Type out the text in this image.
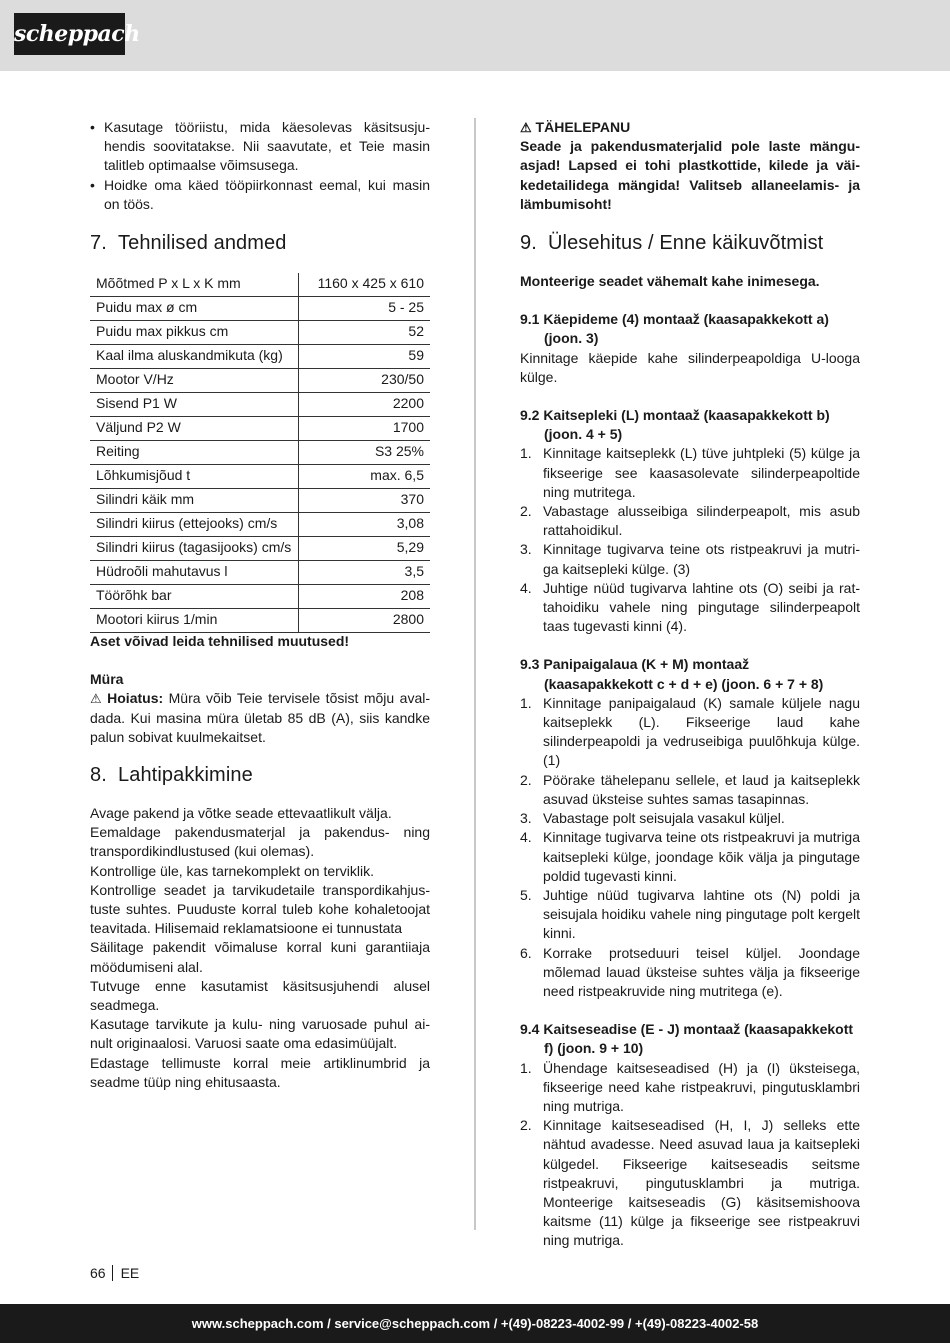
scheppach
• Kasutage tööriistu, mida käesolevas käsitsusju-hendis soovitatakse. Nii saavutate, et Teie masin talitleb optimaalse võimsusega.
• Hoidke oma käed tööpiirkonnast eemal, kui masin on töös.
7. Tehnilised andmed
Mõõtmed P x L x K mm	1160 x 425 x 610
Puidu max ø cm	5 - 25
Puidu max pikkus cm	52
Kaal ilma aluskandmikuta (kg)	59
Mootor V/Hz	230/50
Sisend P1 W	2200
Väljund P2 W	1700
Reiting	S3 25%
Lõhkumisjõud t	max. 6,5
Silindri käik mm	370
Silindri kiirus (ettejooks) cm/s	3,08
Silindri kiirus (tagasijooks) cm/s	5,29
Hüdroõli mahutavus l	3,5
Töörõhk bar	208
Mootori kiirus 1/min	2800

Aset võivad leida tehnilised muutused!

Müra

⚠ Hoiatus: Müra võib Teie tervisele tõsist mõju aval-dada. Kui masina müra ületab 85 dB (A), siis kandke palun sobivat kuulmekaitset.

8. Lahtipakkimine

Avage pakend ja võtke seade ettevaatlikult välja.

Eemaldage pakendusmaterjal ja pakendus- ning transpordikindlustused (kui olemas).

Kontrollige üle, kas tarnekomplekt on terviklik.

Kontrollige seadet ja tarvikudetaile transpordikahjus-tuste suhtes. Puuduste korral tuleb kohe kohaletoojat teavitada. Hilisemaid reklamatsioone ei tunnustata

Säilitage pakendit võimaluse korral kuni garantiiaja möödumiseni alal.

Tutvuge enne kasutamist käsitsusjuhendi alusel seadmega.

Kasutage tarvikute ja kulu- ning varuosade puhul ai-nult originaalosi. Varuosi saate oma edasimüüjalt.

Edastage tellimuste korral meie artiklinumbrid ja seadme tüüp ning ehitusaasta.

⚠ TÄHELEPANU

Seade ja pakendusmaterjalid pole laste mängu-asjad! Lapsed ei tohi plastkottide, kilede ja väi-kedetailidega mängida! Valitseb allaneelamis- ja lämbumisoht!

9. Ülesehitus / Enne käikuvõtmist

Monteerige seadet vähemalt kahe inimesega.

9.1 Käepideme (4) montaaž (kaasapakkekott a)
(joon. 3)

Kinnitage käepide kahe silinderpeapoldiga U-looga külge.

9.2 Kaitsepleki (L) montaaž (kaasapakkekott b)
(joon. 4 + 5)
1. Kinnitage kaitseplekk (L) tüve juhtpleki (5) külge ja fikseerige see kaasasolevate silinderpeapoltide ning mutritega.
2. Vabastage alusseibiga silinderpeapolt, mis asub rattahoidikul.
3. Kinnitage tugivarva teine ots ristpeakruvi ja mutri-ga kaitsepleki külge. (3)
4. Juhtige nüüd tugivarva lahtine ots (O) seibi ja rat-tahoidiku vahele ning pingutage silinderpeapolt taas tugevasti kinni (4).
9.3 Panipaigalaua (K + M) montaaž
(kaasapakkekott c + d + e) (joon. 6 + 7 + 8)
1. Kinnitage panipaigalaud (K) samale küljele nagu kaitseplekk (L). Fikseerige laud kahe silinderpeapoldi ja vedruseibiga puulõhkuja külge. (1)
2. Pöörake tähelepanu sellele, et laud ja kaitseplekk asuvad üksteise suhtes samas tasapinnas.
3. Vabastage polt seisujala vasakul küljel.
4. Kinnitage tugivarva teine ots ristpeakruvi ja mutriga kaitsepleki külge, joondage kõik välja ja pingutage poldid tugevasti kinni.
5. Juhtige nüüd tugivarva lahtine ots (N) poldi ja seisujala hoidiku vahele ning pingutage polt kergelt kinni.
6. Korrake protseduuri teisel küljel. Joondage mõlemad lauad üksteise suhtes välja ja fikseerige need ristpeakruvide ning mutritega (e).
9.4 Kaitseseadise (E - J) montaaž (kaasapakkekott
f) (joon. 9 + 10)
1. Ühendage kaitseseadised (H) ja (I) üksteisega, fikseerige need kahe ristpeakruvi, pingutusklambri ning mutriga.
2. Kinnitage kaitseseadised (H, I, J) selleks ette nähtud avadesse. Need asuvad laua ja kaitsepleki külgedel. Fikseerige kaitseseadis seitsme ristpeakruvi, pingutusklambri ja mutriga. Monteerige kaitseseadis (G) käsitsemishoova kaitsme (11) külge ja fikseerige see ristpeakruvi ning mutriga.
66 EE
www.scheppach.com / service@scheppach.com / +(49)-08223-4002-99 / +(49)-08223-4002-58
